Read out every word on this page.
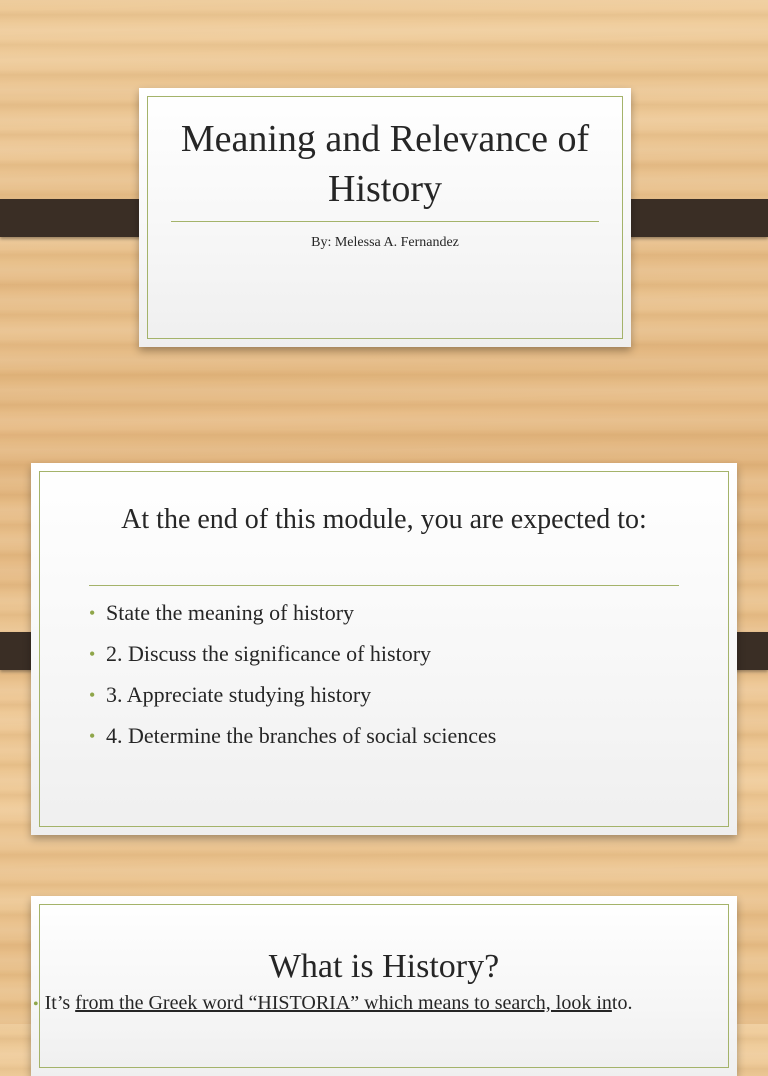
Meaning and Relevance of History
By: Melessa A. Fernandez
At the end of this module, you are expected to:
• State the meaning of history
• 2. Discuss the significance of history
• 3. Appreciate studying history
• 4. Determine the branches of social sciences
What is History?
• It’s from the Greek word “HISTORIA” which means to search, look into.
